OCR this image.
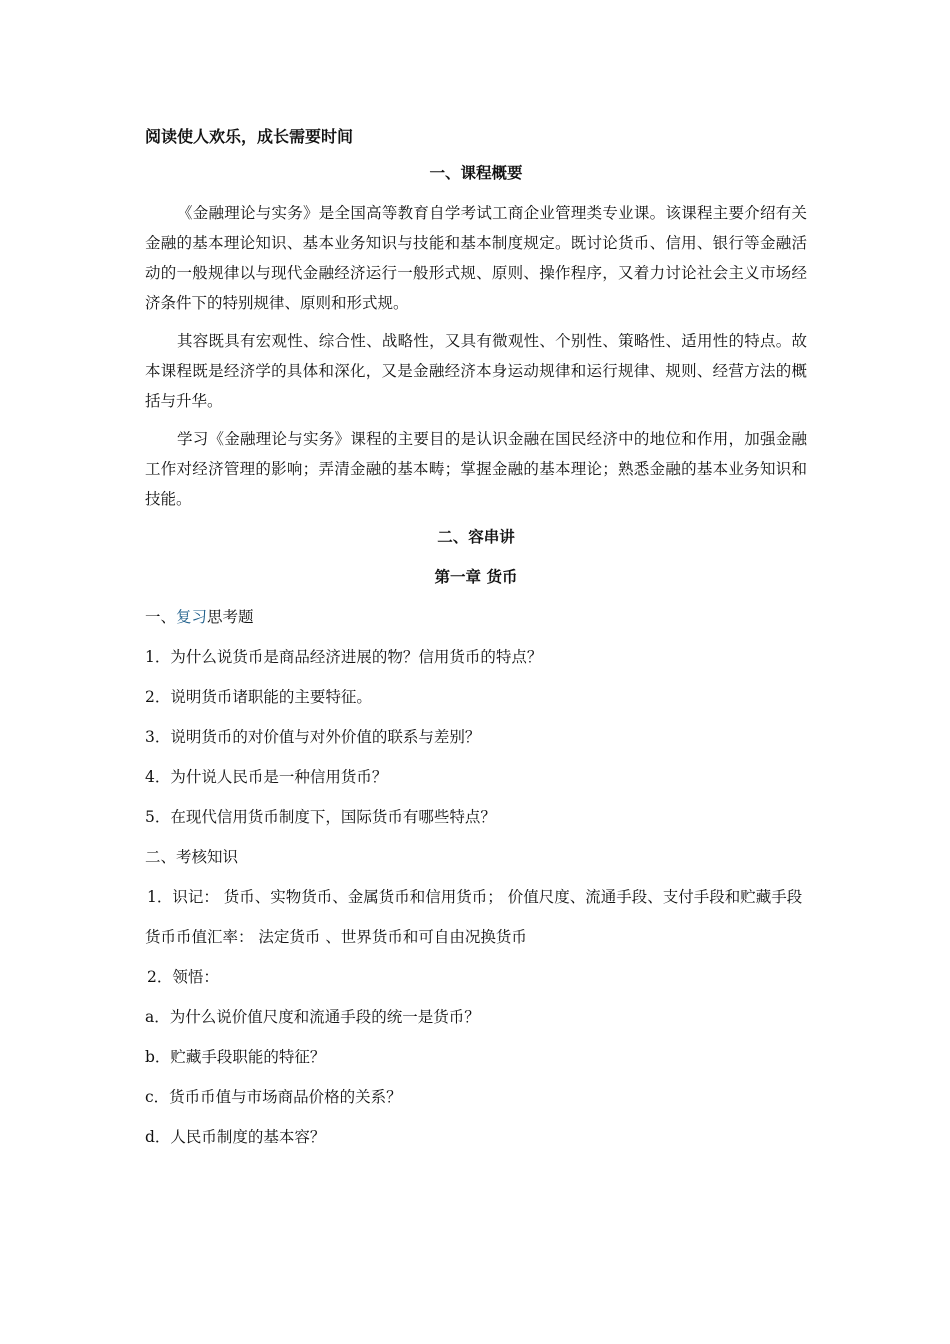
阅读使人欢乐，成长需要时间

一、课程概要

《金融理论与实务》是全国高等教育自学考试工商企业管理类专业课。该课程主要介绍有关金融的基本理论知识、基本业务知识与技能和基本制度规定。既讨论货币、信用、银行等金融活动的一般规律以与现代金融经济运行一般形式规、原则、操作程序，又着力讨论社会主义市场经济条件下的特别规律、原则和形式规。

其容既具有宏观性、综合性、战略性，又具有微观性、个别性、策略性、适用性的特点。故本课程既是经济学的具体和深化，又是金融经济本身运动规律和运行规律、规则、经营方法的概括与升华。

学习《金融理论与实务》课程的主要目的是认识金融在国民经济中的地位和作用，加强金融工作对经济管理的影响；弄清金融的基本畴；掌握金融的基本理论；熟悉金融的基本业务知识和技能。

二、容串讲

第一章 货币

一、复习思考题

1．为什么说货币是商品经济进展的物？信用货币的特点？

2．说明货币诸职能的主要特征。

3．说明货币的对价值与对外价值的联系与差别？

4．为什说人民币是一种信用货币？

5．在现代信用货币制度下，国际货币有哪些特点？

二、考核知识

1．识记： 货币、实物货币、金属货币和信用货币； 价值尺度、流通手段、支付手段和贮藏手段

货币币值汇率： 法定货币 、世界货币和可自由况换货币

2．领悟：

a．为什么说价值尺度和流通手段的统一是货币？

b．贮藏手段职能的特征？

c．货币币值与市场商品价格的关系？

d．人民币制度的基本容？
